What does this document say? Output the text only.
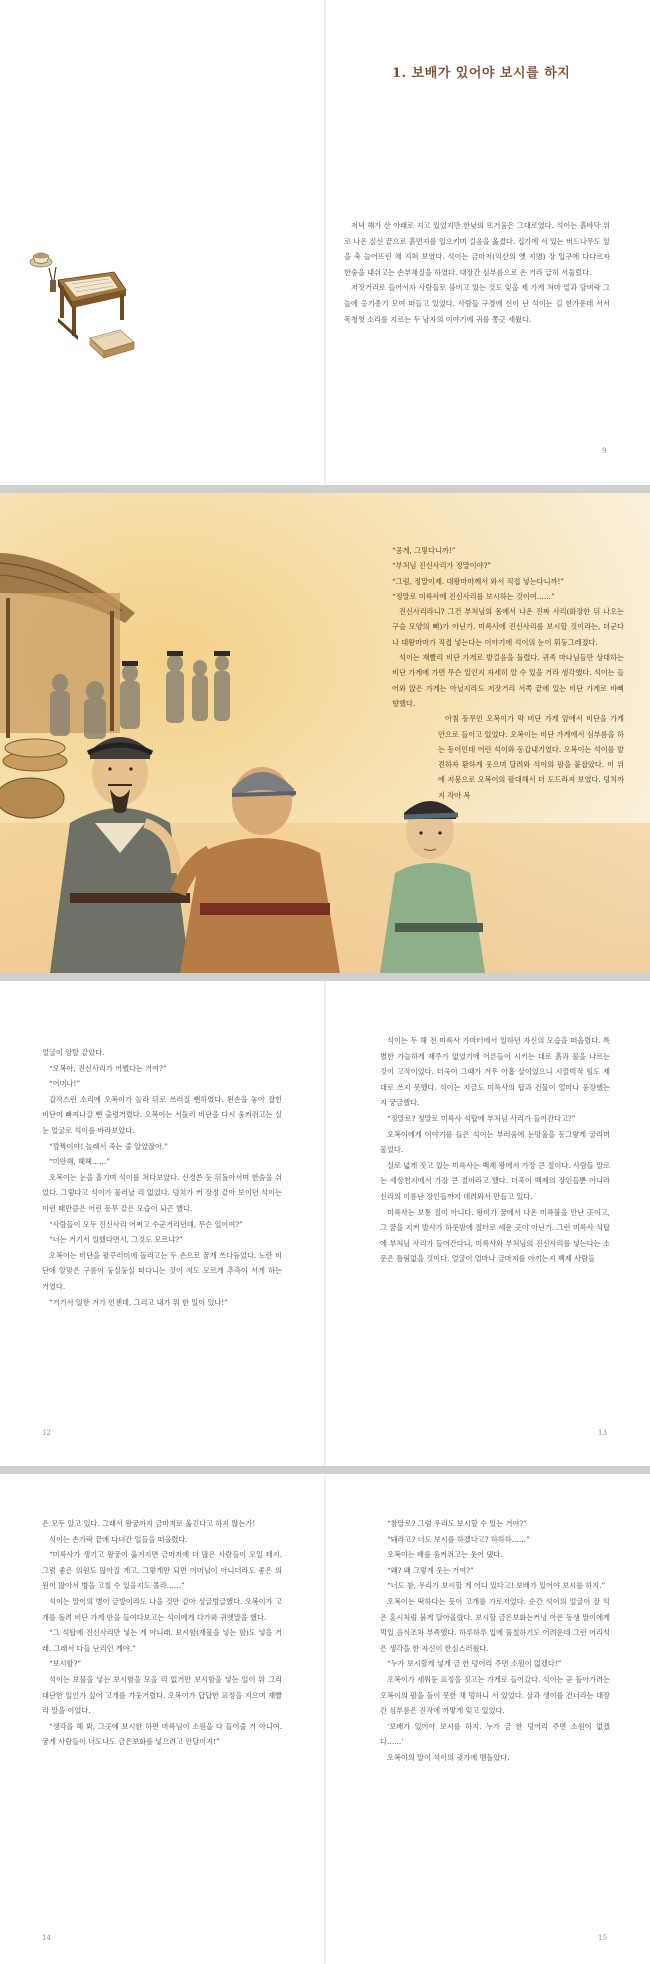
1. 보배가 있어야 보시를 하지

저녁 해가 산 아래로 지고 있었지만 한낮의 뜨거움은 그대로였다. 석이는 흙바닥 위로 나온 짚신 끝으로 흙먼지를 일으키며 걸음을 옮겼다. 집가에 서 있는 버드나무도 잎을 축 늘어뜨린 채 지쳐 보였다. 석이는 금마저(익산의 옛 지명) 장 입구에 다다르자 한숨을 내쉬고는 손부채질을 하였다. 대장간 심부름으로 온 거라 급히 서둘렀다.

저잣거리로 들어서자 사람들로 붐비고 있는 것도 잊을 제 가게 처마 밑과 담벼락 그늘에 옹기종기 모여 떠들고 있었다. 사람들 구경에 신이 난 석이는 길 한가운데 서서 목청껏 소리를 지르는 두 남자의 이야기에 귀를 쫑긋 세웠다.

9

“공게, 그렇다니까!”

“부처님 진신사리가 정말이야?”

“그럼, 정말이제. 대왕마마께서 와서 직접 넣는다니까!”

“정말로 미륵사에 진신사리를 보시하는 것이여……”

진신사리라니? 그건 부처님의 몸에서 나온 진짜 사리(화장한 뒤 나오는 구슬 모양의 뼈)가 아닌가. 미륵사에 진신사리를 보시할 것이라는, 더군다나 대왕마마가 직접 넣는다는 이야기에 석이의 눈이 휘둥그레졌다.

석이는 재빨리 비단 가게로 발걸음을 돌렸다. 귀족 마나님들만 상대하는 비단 가게에 가면 무슨 일인지 자세히 알 수 있을 거라 생각했다. 석이는 들어와 앉은 가게는 아닐지라도 저잣거리 서쪽 끝에 있는 비단 가게로 바삐 향했다.

아침 동무인 오복이가 막 비단 가게 앞에서 비단을 가게 안으로 들이고 있었다. 오복이는 비단 가게에서 심부름을 하는 동이인데 어린 석이와 동갑내기였다. 오복이는 석이를 발견하자 환하게 웃으며 달려와 석이의 팔을 붙잡았다. 이 위에 지붕으로 오복이의 팔대해서 더 도드라져 보였다. 덩치까지 작아 복

얼굴이 앙탈 같았다.

“오복아, 진신사리가 어쨌다는 거여?”

“어머나!”

갑작스런 소리에 오복이가 놀라 뒤로 쓰러질 뻔하였다. 왼손을 놓아 잡힌 비단이 빠져나갈 뻔 출렁거렸다. 오복이는 서둘러 비단을 다시 움켜쥐고는 실눈 얼굴로 석이를 바라보았다.

“깜짝이야! 놀래서 죽는 줄 알았잖아.”

“미안해, 헤헤……”

오복이는 눈을 흘기며 석이를 쳐다보았다. 신경쓴 듯 뒤돌아서며 한숨을 쉬었다. 그렇다고 석이가 물러날 리 없었다. 덩치가 커 장정 같아 보이던 석이는 이런 때만큼은 어린 동무 같은 모습이 되곤 했다.

“사람들이 모두 진신사리 어쩌고 수군거리던데, 무슨 일이여?”

“너는 거기서 일했다면서, 그것도 모르냐?”

오복이는 비단을 팔꾸러미에 돌리고는 두 손으로 꿈게 쓰다듬었다. 노란 비단에 알맞은 구름이 둥실둥실 떠다니는 것이 저도 모르게 추측이 서게 하는 거였다.

“거기서 일한 거가 언젠데, 그리고 내가 뭐 한 일이 있나!”

12

석이는 두 해 전 미륵사 가마터에서 일하던 자신의 모습을 떠올렸다. 특별한 가늘하게 재주가 없었기에 어른들이 시키는 대로 흙과 물을 나르는 것이 고작이었다. 더욱이 그때가 겨우 아홉 살이었으니 시끌벅적 힘도 제대로 쓰지 못했다. 석이는 지금도 미륵사의 탑과 건물이 얼마나 웅장했는지 궁금했다.

“정말로? 정말로 미륵사 석탑에 부처님 사리가 들어간다고?”

오복이에게 이야기를 들은 석이는 부러움에 눈망울을 동그랗게 굴리며 물었다.

실로 넓게 짓고 있는 미륵사는 백제 왕에서 가장 큰 절이다. 사람들 말로는 세상천지에서 가장 큰 절이라고 했다. 더욱이 백제의 장인들뿐 아니라 신라의 이름난 장인들까지 데려와서 만들고 있다.

미륵사는 보통 절이 아니다. 왕비가 꿈에서 나온 미륵불을 만난 곳이고, 그 꿈을 지켜 발사가 하룻밤에 절터로 세운 곳이 아닌가. 그런 미륵사 석탑에 부처님 사리가 들어간다니, 미륵사와 부처님의 진신사리를 넣는다는 소문은 틀림없을 것이다. 얼굴이 얼마나 금마저를 아끼는지 백제 사람들

13

은 모두 알고 있다. 그래서 왕궁까지 금마저로 옮긴다고 하지 않는가!

석이는 손가락 끝에 다녀간 일들을 떠올렸다.

“미륵사가 생기고 왕궁이 옮겨지면 금마저에 더 많은 사람들이 모일 테지. 그럼 좋은 의원도 많아질 게고, 그렇게만 되면 어머님이 아니더라도 좋은 의원이 많아서 병을 고칠 수 있을지도 몰라……”

석이는 말이의 병이 금방이라도 나을 것만 같아 싱글벙글했다. 오복이가 고개를 돌려 비단 가게 안을 들여다보고는 석이에게 다가와 귀엣말을 했다.

“그 석탑에 진신사리만 넣는 게 아니래. 보시함(재물을 넣는 함)도 넣을 거래. 그래서 다들 난리인 게야.”

“보시함?”

석이는 보물을 넣는 보시함을 모을 리 없거만 보시함을 넣는 일이 뭐 그리 대단한 일인가 싶어 고개를 갸웃거렸다. 오복이가 답답한 표정을 지으며 재빨리 말을 이었다.

“생각을 해 봐, 그곳에 보시한 하면 마륵님이 소원을 다 들어줄 거 아니여. 궁게 사람들이 너도나도 금은보화를 넣으려고 안달이지!”

14

“참말로? 그럼 우리도 보시할 수 있는 거여?”

“돼라고? 너도 보시를 하겠다고? 하하하……”

오복이는 배를 움켜쥐고는 웃어 댔다.

“왜? 왜 그렇게 웃는 거여?”

“너도 참, 우리가 보시할 게 어디 있다고! 보배가 있어야 보시를 하지.”

오복이는 딱하다는 듯이 고개를 가로저었다. 순간 석이의 얼굴이 잘 익은 홍시처럼 붉게 달아올랐다. 보시할 금은보화는커녕 아픈 동생 말이에게 먹일 음식조차 부족했다. 하루하루 입에 풀칠하기도 어려운데 그런 어리석은 생각을 한 자신이 한심스러웠다.

“누가 보시할게 넣게 금 한 덩어리 주면 소원이 없겠다!”

오복이가 세워둔 표정을 짓고는 가게로 들어갔다. 석이는 곧 돌아가려는 오복이의 팔을 돌이 못한 채 멍하니 서 있었다. 살과 생이를 건너라는 대장간 심부름은 진작에 까맣게 잊고 있었다.

‘보배가 있어야 보시를 하지. 누가 금 한 덩어리 주면 소원이 없겠다……’

오복이의 말이 석이의 귓가에 맴돌았다.

15
